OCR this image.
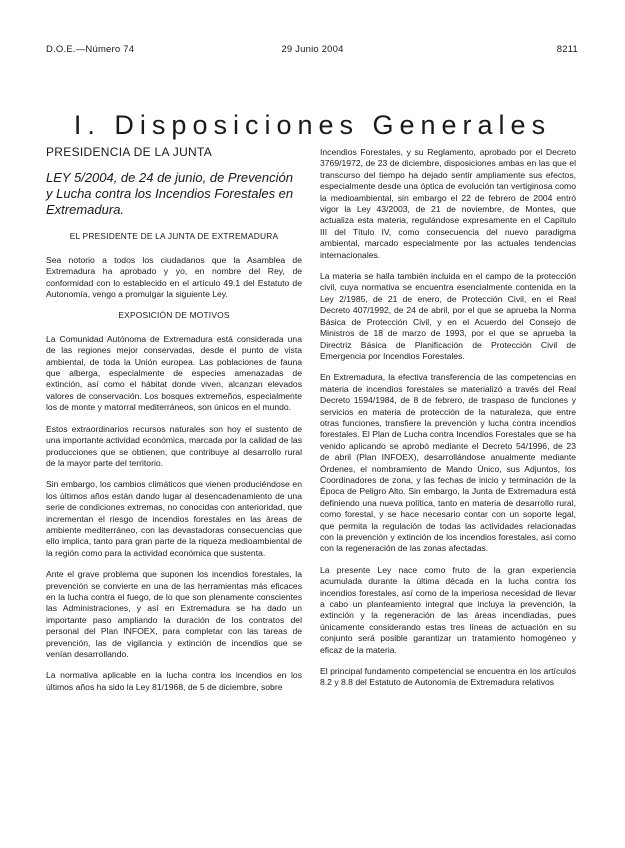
D.O.E.—Número 74	29 Junio 2004	8211
I. Disposiciones Generales
PRESIDENCIA DE LA JUNTA
LEY 5/2004, de 24 de junio, de Prevención y Lucha contra los Incendios Forestales en Extremadura.
EL PRESIDENTE DE LA JUNTA DE EXTREMADURA

Sea notorio a todos los ciudadanos que la Asamblea de Extremadura ha aprobado y yo, en nombre del Rey, de conformidad con lo establecido en el artículo 49.1 del Estatuto de Autonomía, vengo a promulgar la siguiente Ley.

EXPOSICIÓN DE MOTIVOS

La Comunidad Autónoma de Extremadura está considerada una de las regiones mejor conservadas, desde el punto de vista ambiental, de toda la Unión europea. Las poblaciones de fauna que alberga, especialmente de especies amenazadas de extinción, así como el hábitat donde viven, alcanzan elevados valores de conservación. Los bosques extremeños, especialmente los de monte y matorral mediterráneos, son únicos en el mundo.

Estos extraordinarios recursos naturales son hoy el sustento de una importante actividad económica, marcada por la calidad de las producciones que se obtienen, que contribuye al desarrollo rural de la mayor parte del territorio.

Sin embargo, los cambios climáticos que vienen produciéndose en los últimos años están dando lugar al desencadenamiento de una serie de condiciones extremas, no conocidas con anterioridad, que incrementan el riesgo de incendios forestales en las áreas de ambiente mediterráneo, con las devastadoras consecuencias que ello implica, tanto para gran parte de la riqueza medioambiental de la región como para la actividad económica que sustenta.

Ante el grave problema que suponen los incendios forestales, la prevención se convierte en una de las herramientas más eficaces en la lucha contra el fuego, de lo que son plenamente conscientes las Administraciones, y así en Extremadura se ha dado un importante paso ampliando la duración de los contratos del personal del Plan INFOEX, para completar con las tareas de prevención, las de vigilancia y extinción de incendios que se venían desarrollando.

La normativa aplicable en la lucha contra los incendios en los últimos años ha sido la Ley 81/1968, de 5 de diciembre, sobre

Incendios Forestales, y su Reglamento, aprobado por el Decreto 3769/1972, de 23 de diciembre, disposiciones ambas en las que el transcurso del tiempo ha dejado sentir ampliamente sus efectos, especialmente desde una óptica de evolución tan vertiginosa como la medioambiental, sin embargo el 22 de febrero de 2004 entró vigor la Ley 43/2003, de 21 de noviembre, de Montes, que actualiza esta materia, regulándose expresamente en el Capítulo III del Título IV, como consecuencia del nuevo paradigma ambiental, marcado especialmente por las actuales tendencias internacionales.

La materia se halla también incluida en el campo de la protección civil, cuya normativa se encuentra esencialmente contenida en la Ley 2/1985, de 21 de enero, de Protección Civil, en el Real Decreto 407/1992, de 24 de abril, por el que se aprueba la Norma Básica de Protección Civil, y en el Acuerdo del Consejo de Ministros de 18 de marzo de 1993, por el que se aprueba la Directriz Básica de Planificación de Protección Civil de Emergencia por Incendios Forestales.

En Extremadura, la efectiva transferencia de las competencias en materia de incendios forestales se materializó a través del Real Decreto 1594/1984, de 8 de febrero, de traspaso de funciones y servicios en materia de protección de la naturaleza, que entre otras funciones, transfiere la prevención y lucha contra incendios forestales. El Plan de Lucha contra Incendios Forestales que se ha venido aplicando se aprobó mediante el Decreto 54/1996, de 23 de abril (Plan INFOEX), desarrollándose anualmente mediante Órdenes, el nombramiento de Mando Único, sus Adjuntos, los Coordinadores de zona, y las fechas de inicio y terminación de la Época de Peligro Alto. Sin embargo, la Junta de Extremadura está definiendo una nueva política, tanto en materia de desarrollo rural, como forestal, y se hace necesario contar con un soporte legal, que permita la regulación de todas las actividades relacionadas con la prevención y extinción de los incendios forestales, así como con la regeneración de las zonas afectadas.

La presente Ley nace como fruto de la gran experiencia acumulada durante la última década en la lucha contra los incendios forestales, así como de la imperiosa necesidad de llevar a cabo un planteamiento integral que incluya la prevención, la extinción y la regeneración de las áreas incendiadas, pues únicamente considerando estas tres líneas de actuación en su conjunto será posible garantizar un tratamiento homogéneo y eficaz de la materia.

El principal fundamento competencial se encuentra en los artículos 8.2 y 8.8 del Estatuto de Autonomía de Extremadura relativos
